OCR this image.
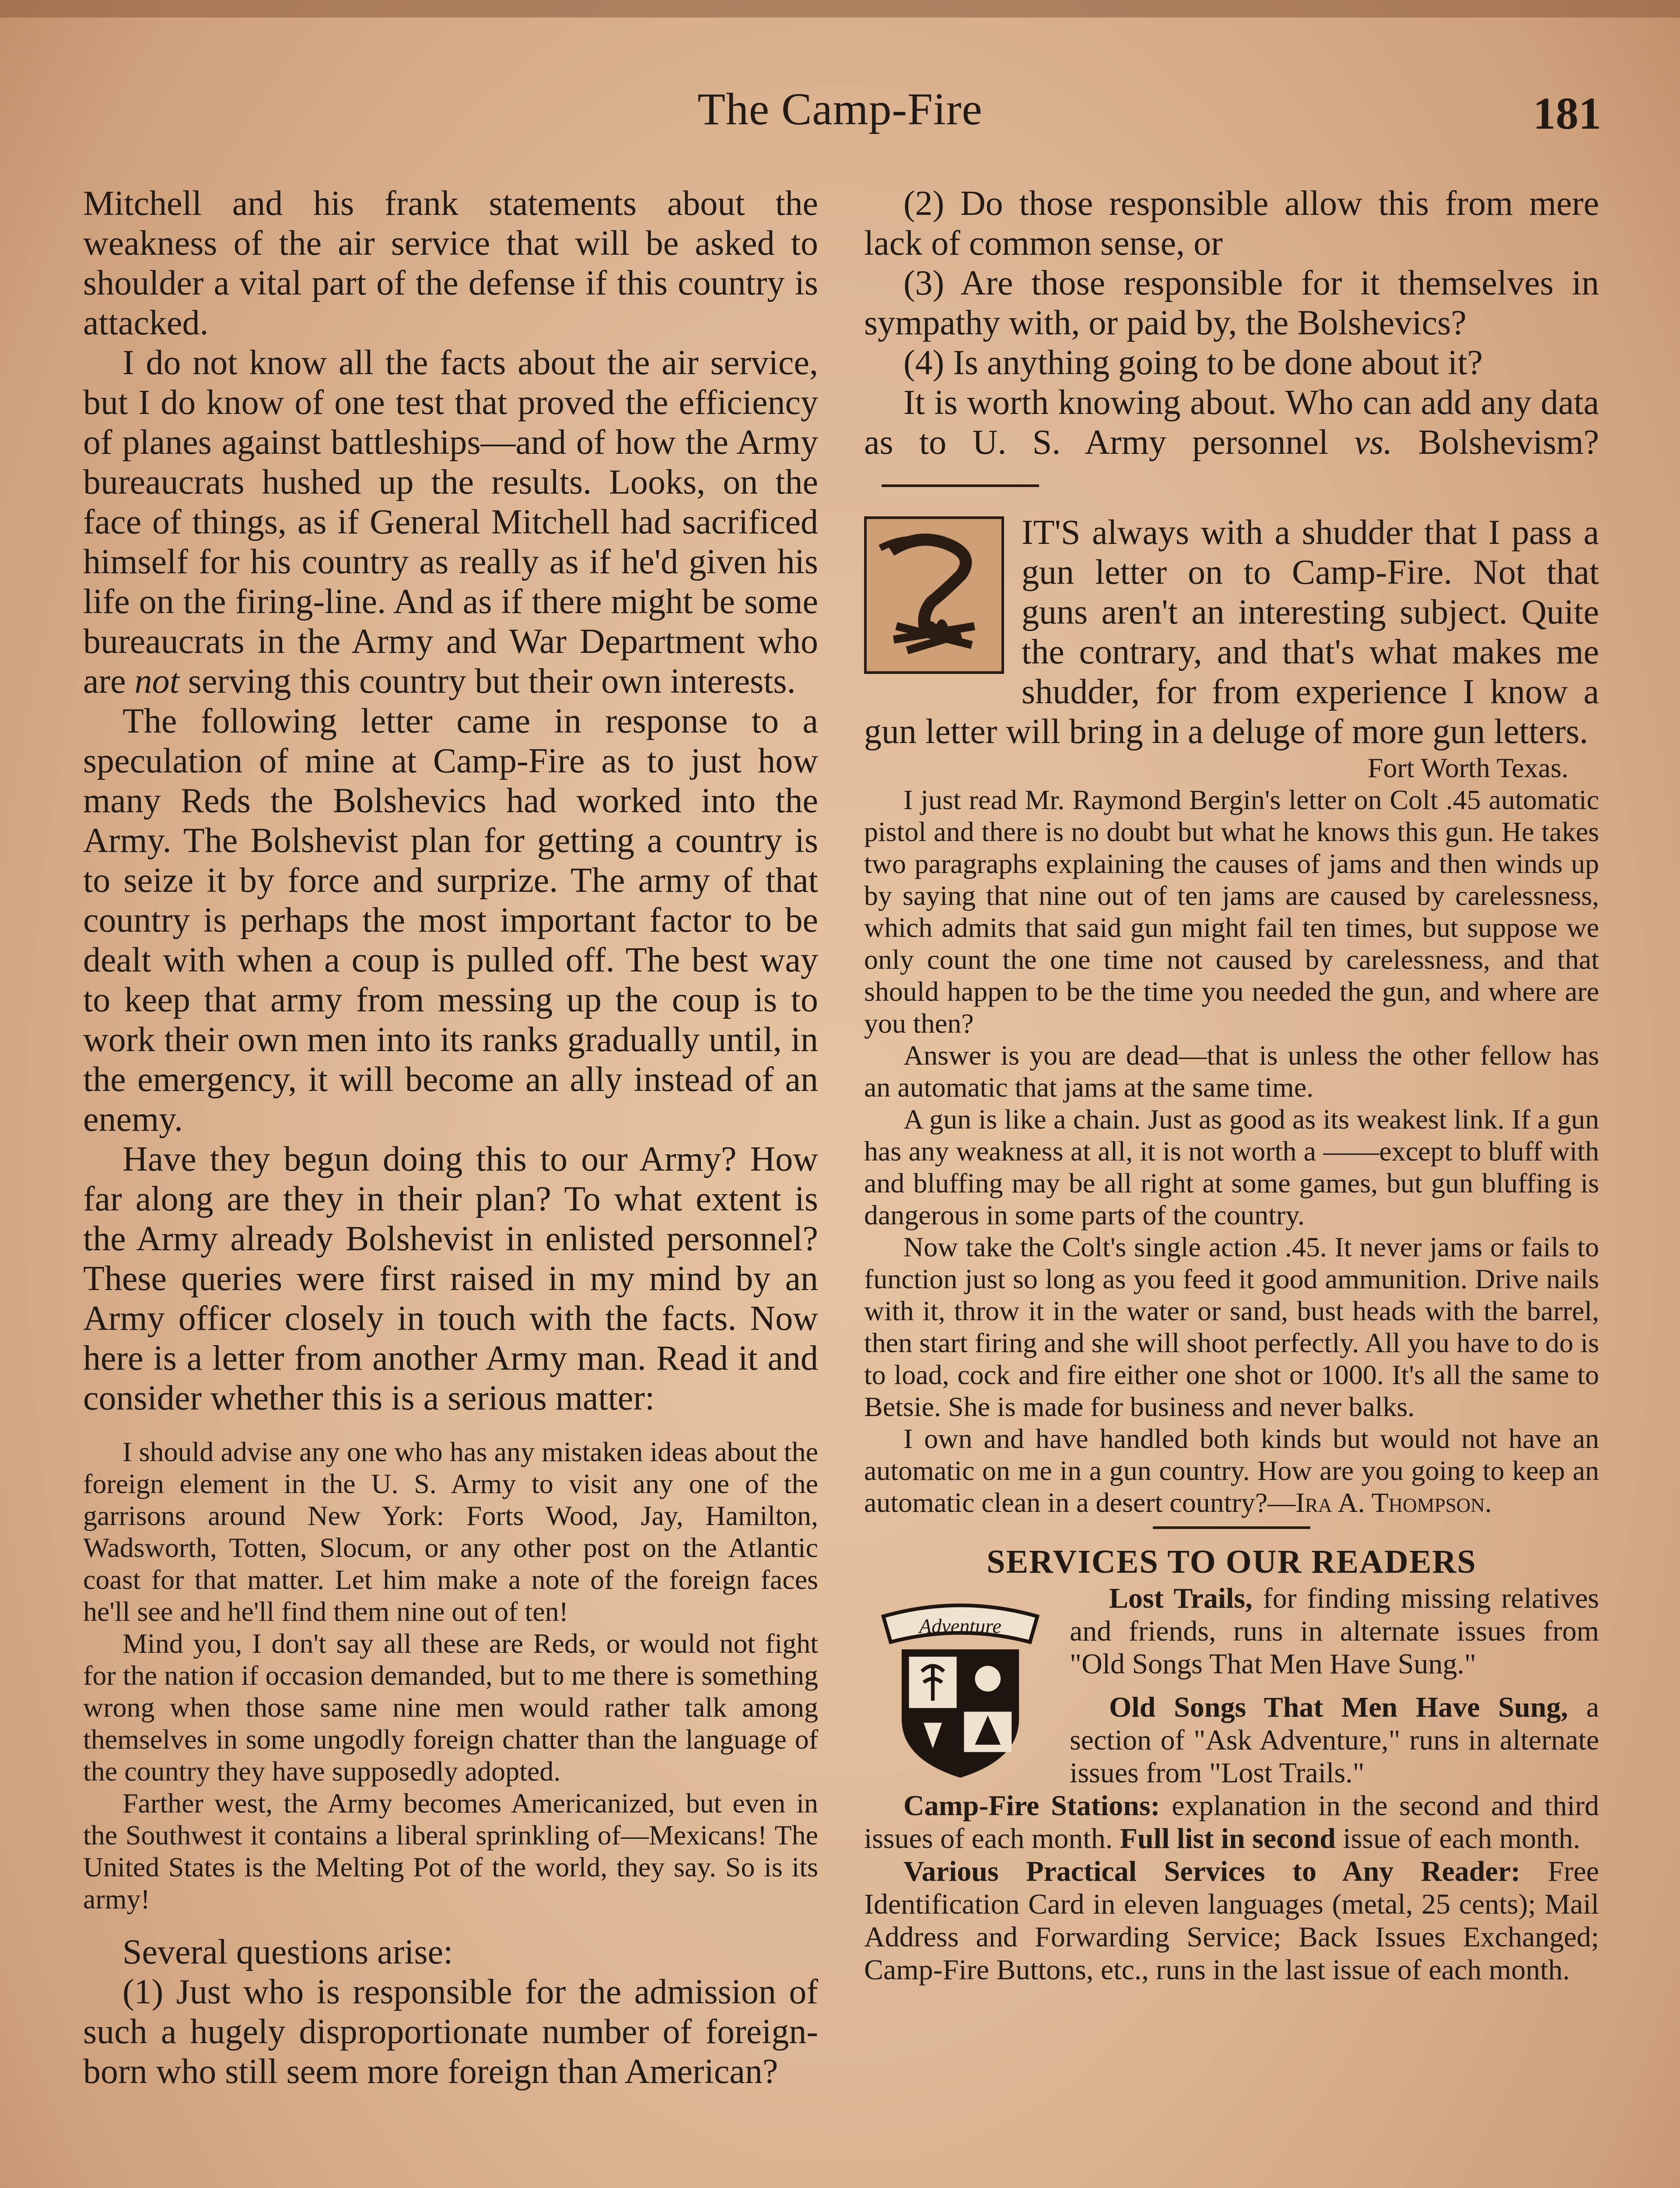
The Camp-Fire	181

Mitchell and his frank statements about the weakness of the air service that will be asked to shoulder a vital part of the defense if this country is attacked.

I do not know all the facts about the air service, but I do know of one test that proved the efficiency of planes against battleships—and of how the Army bureaucrats hushed up the results. Looks, on the face of things, as if General Mitchell had sacrificed himself for his country as really as if he'd given his life on the firing-line. And as if there might be some bureaucrats in the Army and War Department who are not serving this country but their own interests.

The following letter came in response to a speculation of mine at Camp-Fire as to just how many Reds the Bolshevics had worked into the Army. The Bolshevist plan for getting a country is to seize it by force and surprize. The army of that country is perhaps the most important factor to be dealt with when a coup is pulled off. The best way to keep that army from messing up the coup is to work their own men into its ranks gradually until, in the emergency, it will become an ally instead of an enemy.

Have they begun doing this to our Army? How far along are they in their plan? To what extent is the Army already Bolshevist in enlisted personnel? These queries were first raised in my mind by an Army officer closely in touch with the facts. Now here is a letter from another Army man. Read it and consider whether this is a serious matter:

I should advise any one who has any mistaken ideas about the foreign element in the U. S. Army to visit any one of the garrisons around New York: Forts Wood, Jay, Hamilton, Wadsworth, Totten, Slocum, or any other post on the Atlantic coast for that matter. Let him make a note of the foreign faces he'll see and he'll find them nine out of ten!

Mind you, I don't say all these are Reds, or would not fight for the nation if occasion demanded, but to me there is something wrong when those same nine men would rather talk among themselves in some ungodly foreign chatter than the language of the country they have supposedly adopted.

Farther west, the Army becomes Americanized, but even in the Southwest it contains a liberal sprinkling of—Mexicans! The United States is the Melting Pot of the world, they say. So is its army!

Several questions arise:

(1) Just who is responsible for the admission of such a hugely disproportionate number of foreign-born who still seem more foreign than American?

(2) Do those responsible allow this from mere lack of common sense, or

(3) Are those responsible for it themselves in sympathy with, or paid by, the Bolshevics?

(4) Is anything going to be done about it?

It is worth knowing about. Who can add any data as to U. S. Army personnel vs. Bolshevism?

IT'S always with a shudder that I pass a gun letter on to Camp-Fire. Not that guns aren't an interesting subject. Quite the contrary, and that's what makes me shudder, for from experience I know a gun letter will bring in a deluge of more gun letters.

Fort Worth Texas.

I just read Mr. Raymond Bergin's letter on Colt .45 automatic pistol and there is no doubt but what he knows this gun. He takes two paragraphs explaining the causes of jams and then winds up by saying that nine out of ten jams are caused by carelessness, which admits that said gun might fail ten times, but suppose we only count the one time not caused by carelessness, and that should happen to be the time you needed the gun, and where are you then?

Answer is you are dead—that is unless the other fellow has an automatic that jams at the same time.

A gun is like a chain. Just as good as its weakest link. If a gun has any weakness at all, it is not worth a ——except to bluff with and bluffing may be all right at some games, but gun bluffing is dangerous in some parts of the country.

Now take the Colt's single action .45. It never jams or fails to function just so long as you feed it good ammunition. Drive nails with it, throw it in the water or sand, bust heads with the barrel, then start firing and she will shoot perfectly. All you have to do is to load, cock and fire either one shot or 1000. It's all the same to Betsie. She is made for business and never balks.

I own and have handled both kinds but would not have an automatic on me in a gun country. How are you going to keep an automatic clean in a desert country?—Ira A. Thompson.

SERVICES TO OUR READERS
Adventure

Lost Trails, for finding missing relatives and friends, runs in alternate issues from "Old Songs That Men Have Sung."

Old Songs That Men Have Sung, a section of "Ask Adventure," runs in alternate issues from "Lost Trails."

Camp-Fire Stations: explanation in the second and third issues of each month. Full list in second issue of each month.

Various Practical Services to Any Reader: Free Identification Card in eleven languages (metal, 25 cents); Mail Address and Forwarding Service; Back Issues Exchanged; Camp-Fire Buttons, etc., runs in the last issue of each month.
